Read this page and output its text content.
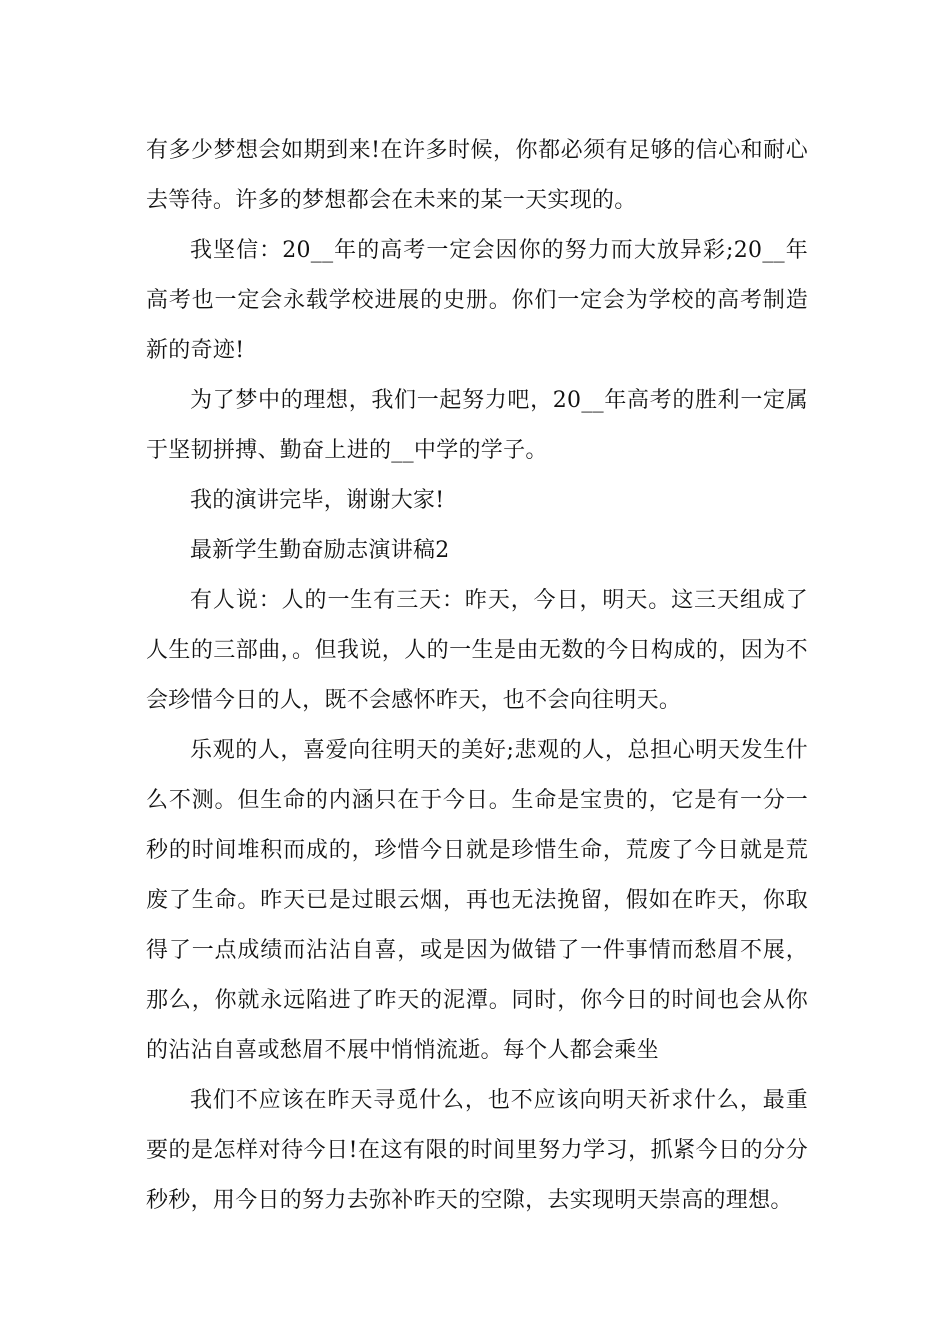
有多少梦想会如期到来!在许多时候，你都必须有足够的信心和耐心去等待。许多的梦想都会在未来的某一天实现的。

我坚信：20__年的高考一定会因你的努力而大放异彩;20__年高考也一定会永载学校进展的史册。你们一定会为学校的高考制造新的奇迹!

为了梦中的理想，我们一起努力吧，20__年高考的胜利一定属于坚韧拼搏、勤奋上进的__中学的学子。

我的演讲完毕，谢谢大家!

最新学生勤奋励志演讲稿2

有人说：人的一生有三天：昨天，今日，明天。这三天组成了人生的三部曲，。但我说，人的一生是由无数的今日构成的，因为不会珍惜今日的人，既不会感怀昨天，也不会向往明天。

乐观的人，喜爱向往明天的美好;悲观的人，总担心明天发生什么不测。但生命的内涵只在于今日。生命是宝贵的，它是有一分一秒的时间堆积而成的，珍惜今日就是珍惜生命，荒废了今日就是荒废了生命。昨天已是过眼云烟，再也无法挽留，假如在昨天，你取得了一点成绩而沾沾自喜，或是因为做错了一件事情而愁眉不展，那么，你就永远陷进了昨天的泥潭。同时，你今日的时间也会从你的沾沾自喜或愁眉不展中悄悄流逝。每个人都会乘坐

我们不应该在昨天寻觅什么，也不应该向明天祈求什么，最重要的是怎样对待今日!在这有限的时间里努力学习，抓紧今日的分分秒秒，用今日的努力去弥补昨天的空隙，去实现明天崇高的理想。
